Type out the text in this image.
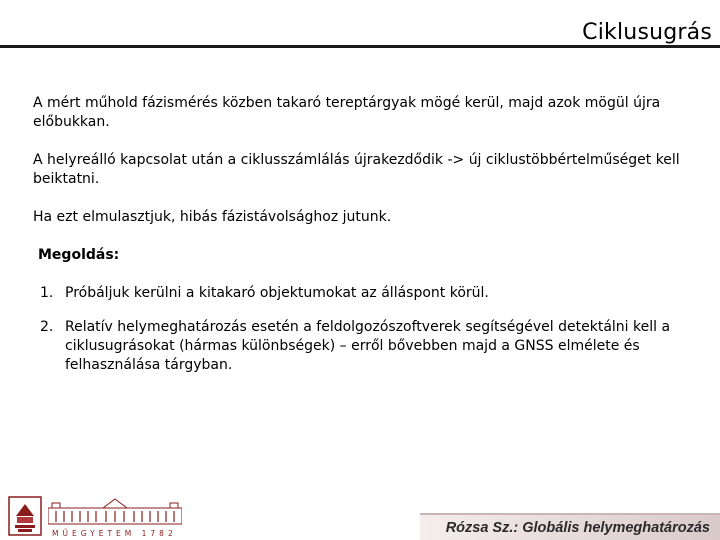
Ciklusugrás

A mért műhold fázismérés közben takaró tereptárgyak mögé kerül, majd azok mögül újra előbukkan.

A helyreálló kapcsolat után a ciklusszámlálás újrakezdődik -> új ciklustöbbértelműséget kell beiktatni.

Ha ezt elmulasztjuk, hibás fázistávolsághoz jutunk.

Megoldás:

1. Próbáljuk kerülni a kitakaró objektumokat az álláspont körül.
2. Relatív helymeghatározás esetén a feldolgozószoftverek segítségével detektálni kell a ciklusugrásokat (hármas különbségek) – erről bővebben majd a GNSS elmélete és felhasználása tárgyban.
MŰEGYETEM 1782	Rózsa Sz.: Globális helymeghatározás
